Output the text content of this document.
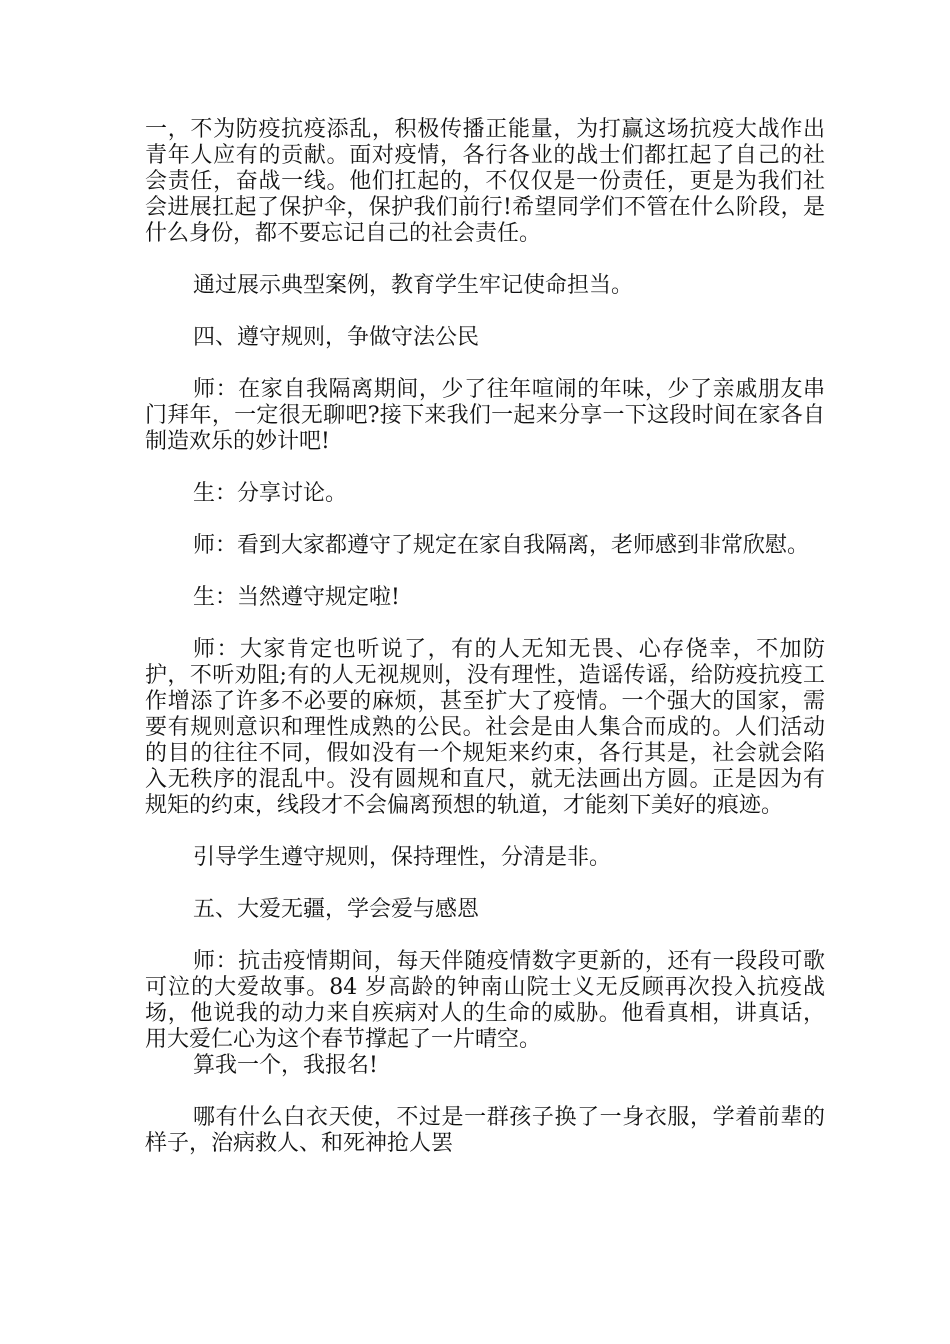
一，不为防疫抗疫添乱，积极传播正能量，为打赢这场抗疫大战作出青年人应有的贡献。面对疫情，各行各业的战士们都扛起了自己的社会责任，奋战一线。他们扛起的，不仅仅是一份责任，更是为我们社会进展扛起了保护伞，保护我们前行!希望同学们不管在什么阶段，是什么身份，都不要忘记自己的社会责任。

通过展示典型案例，教育学生牢记使命担当。

四、遵守规则，争做守法公民

师：在家自我隔离期间，少了往年喧闹的年味，少了亲戚朋友串门拜年，一定很无聊吧?接下来我们一起来分享一下这段时间在家各自制造欢乐的妙计吧!

生：分享讨论。

师：看到大家都遵守了规定在家自我隔离，老师感到非常欣慰。

生：当然遵守规定啦!

师：大家肯定也听说了，有的人无知无畏、心存侥幸，不加防护，不听劝阻;有的人无视规则，没有理性，造谣传谣，给防疫抗疫工作增添了许多不必要的麻烦，甚至扩大了疫情。一个强大的国家，需要有规则意识和理性成熟的公民。社会是由人集合而成的。人们活动的目的往往不同，假如没有一个规矩来约束，各行其是，社会就会陷入无秩序的混乱中。没有圆规和直尺，就无法画出方圆。正是因为有规矩的约束，线段才不会偏离预想的轨道，才能刻下美好的痕迹。

引导学生遵守规则，保持理性，分清是非。

五、大爱无疆，学会爱与感恩

师：抗击疫情期间，每天伴随疫情数字更新的，还有一段段可歌可泣的大爱故事。84 岁高龄的钟南山院士义无反顾再次投入抗疫战场，他说我的动力来自疾病对人的生命的威胁。他看真相，讲真话，用大爱仁心为这个春节撑起了一片晴空。

算我一个，我报名!

哪有什么白衣天使，不过是一群孩子换了一身衣服，学着前辈的样子，治病救人、和死神抢人罢
